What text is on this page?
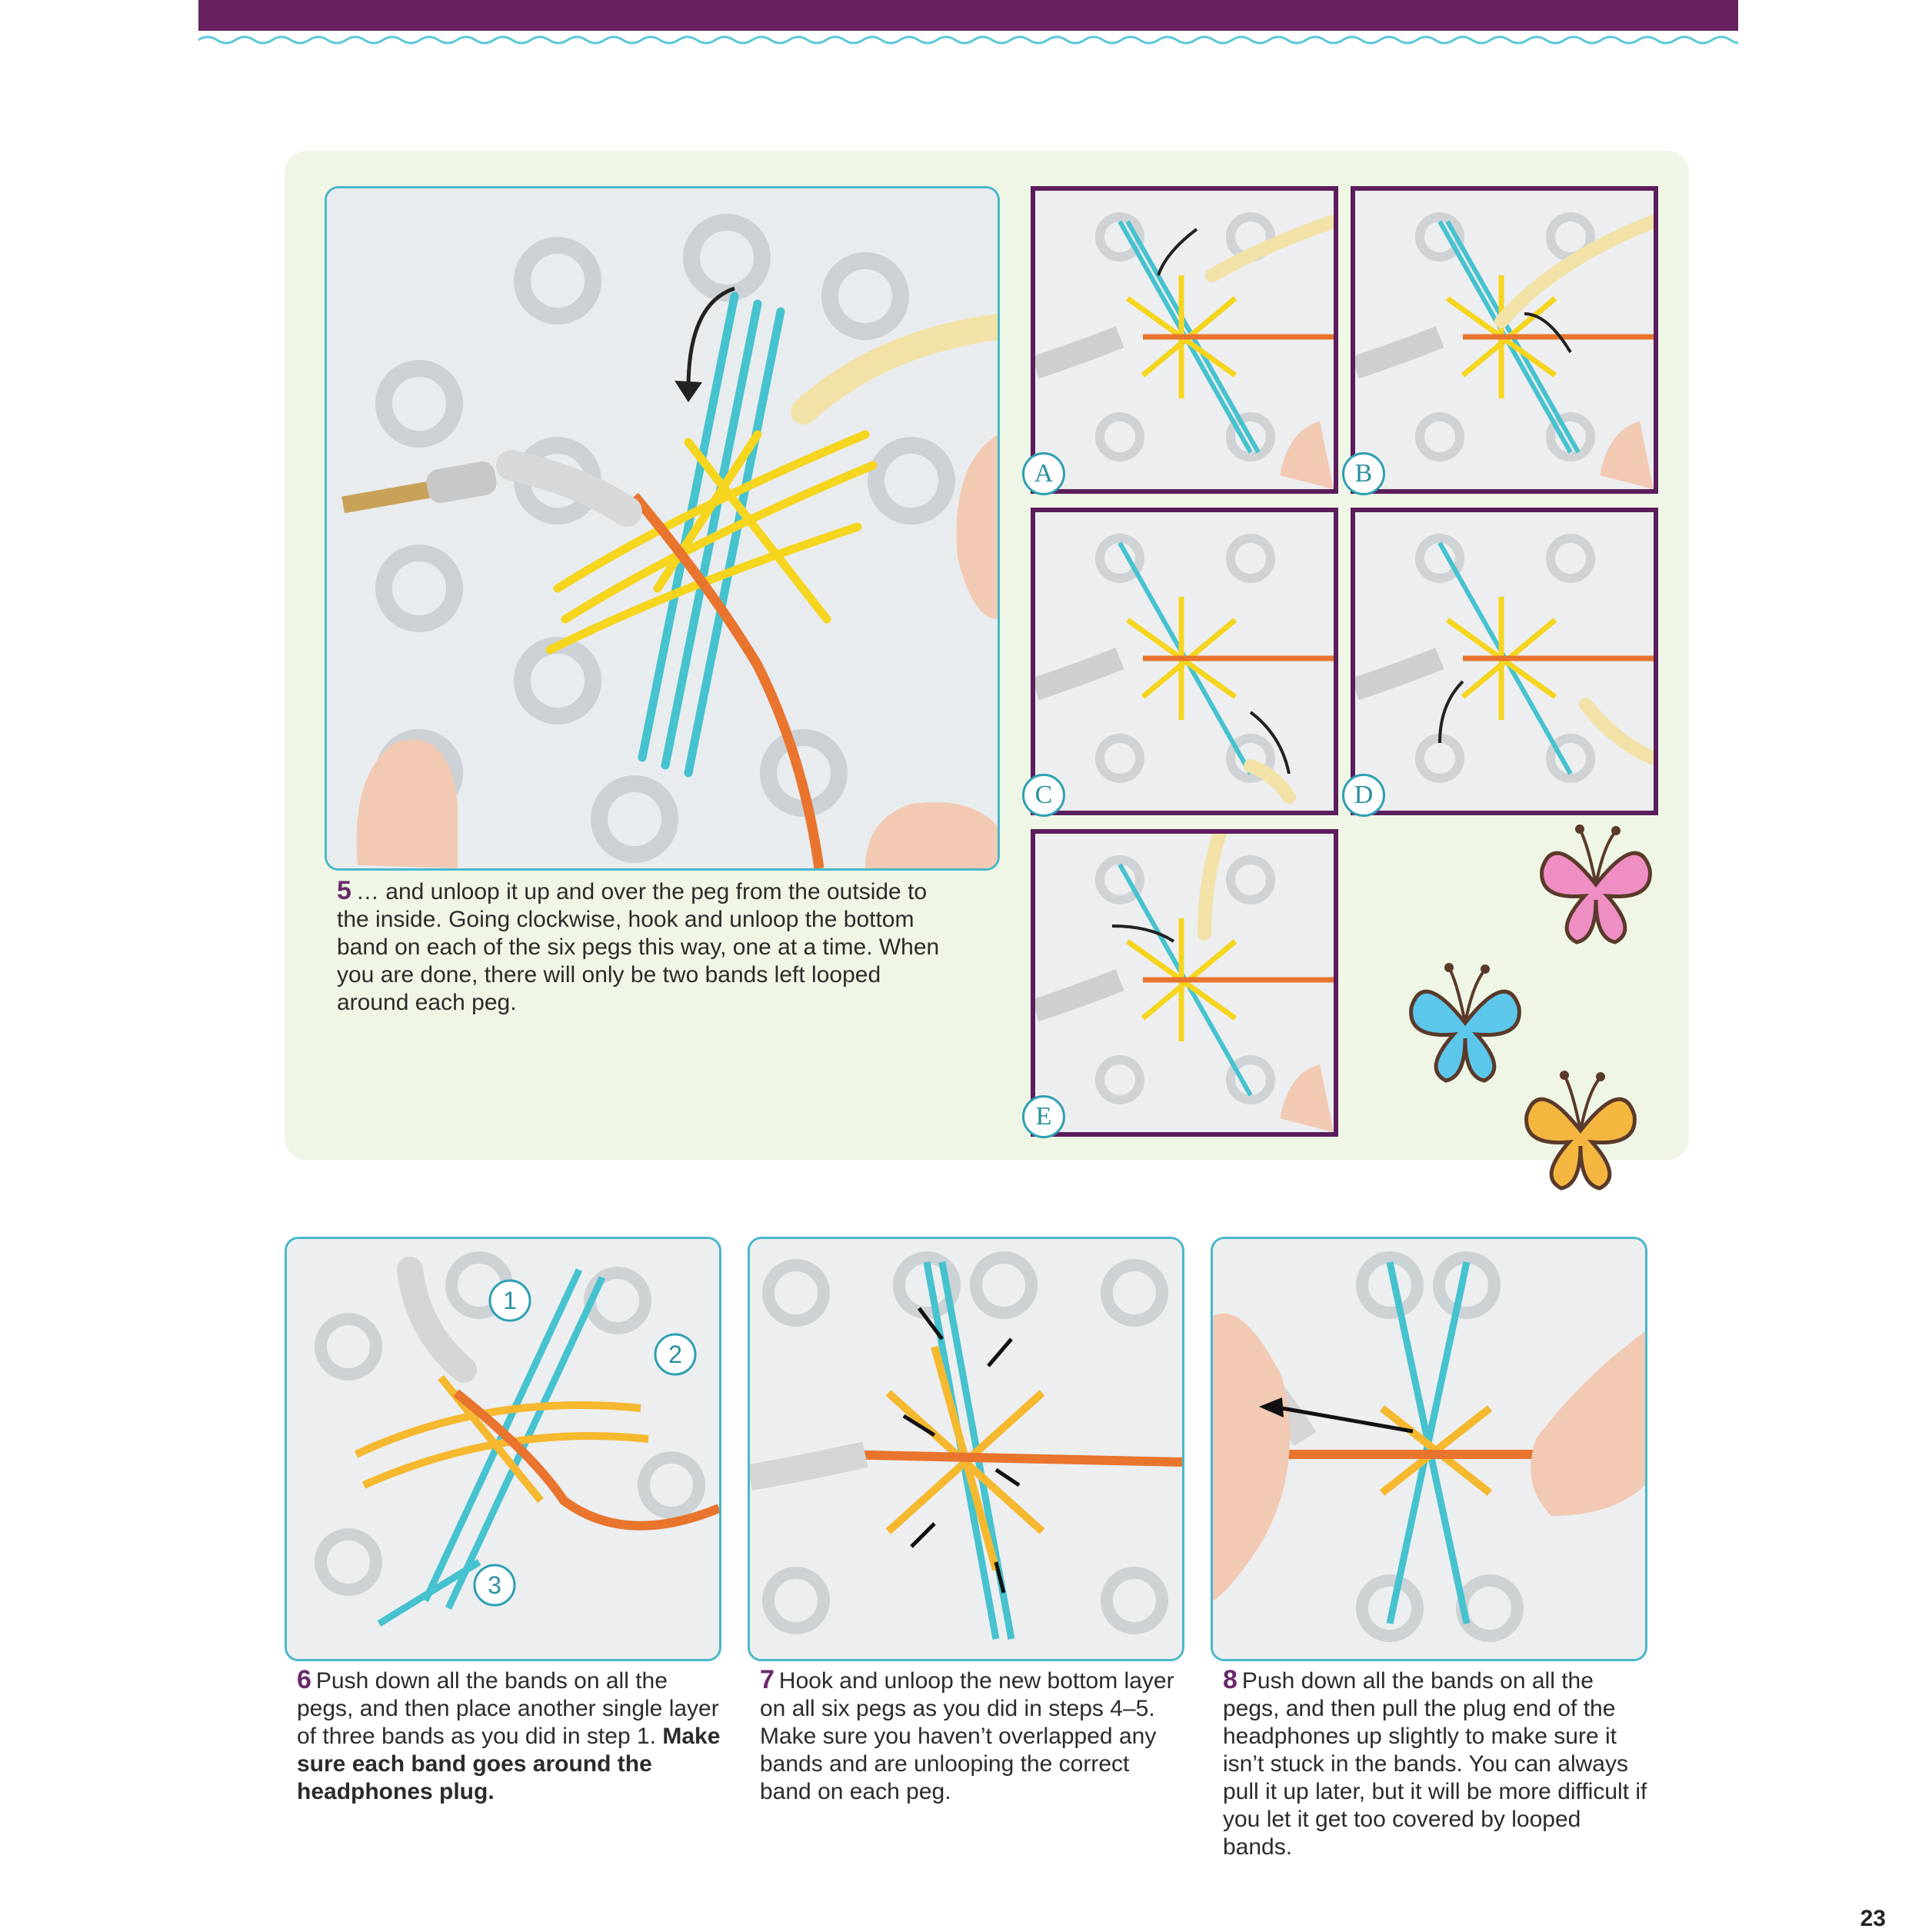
5 … and unloop it up and over the peg from the outside to the inside. Going clockwise, hook and unloop the bottom band on each of the six pegs this way, one at a time. When you are done, there will only be two bands left looped around each peg.

A	B
C	D
E
1
2
3

6 Push down all the bands on all the pegs, and then place another single layer of three bands as you did in step 1. Make sure each band goes around the headphones plug.

7 Hook and unloop the new bottom layer on all six pegs as you did in steps 4–5. Make sure you haven’t overlapped any bands and are unlooping the correct band on each peg.

8 Push down all the bands on all the pegs, and then pull the plug end of the headphones up slightly to make sure it isn’t stuck in the bands. You can always pull it up later, but it will be more difficult if you let it get too covered by looped bands.

23
